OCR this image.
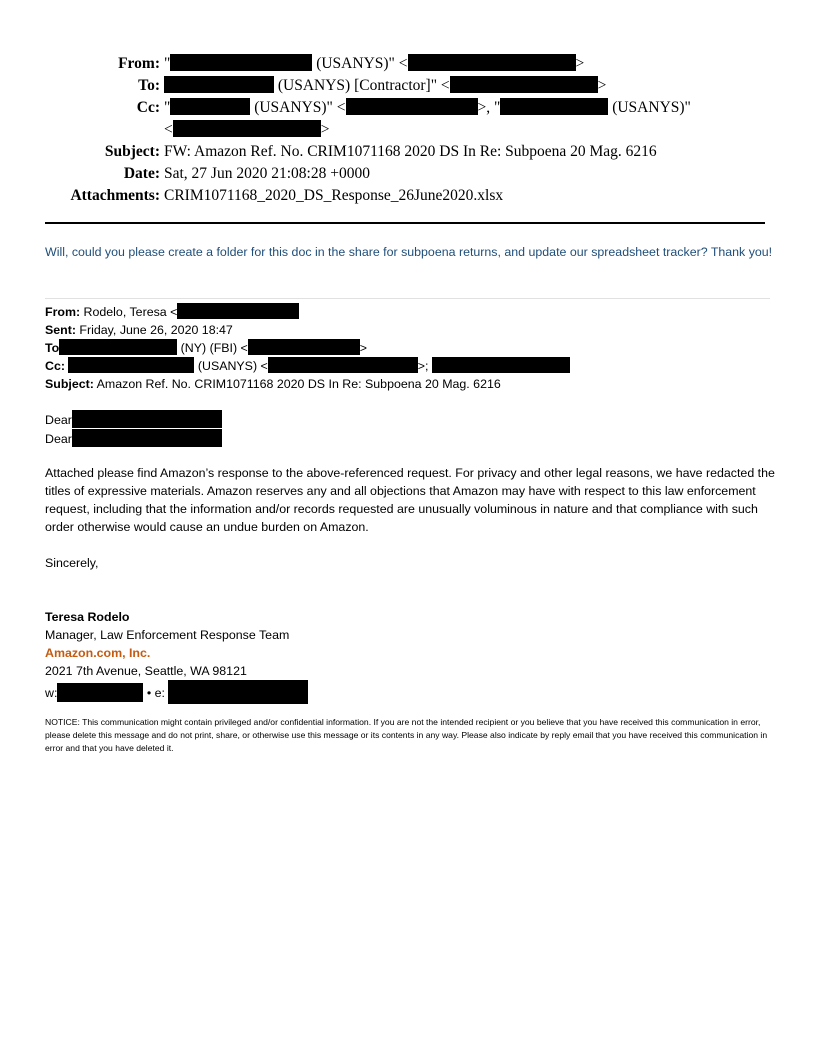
From: "	(USANYS)" <	>
To:	(USANYS) [Contractor]" <	>
Cc: "	(USANYS)" <	>, "	(USANYS)"
<	>
Subject: FW: Amazon Ref. No. CRIM1071168 2020 DS In Re: Subpoena 20 Mag. 6216
Date: Sat, 27 Jun 2020 21:08:28 +0000
Attachments: CRIM1071168_2020_DS_Response_26June2020.xlsx
Will, could you please create a folder for this doc in the share for subpoena returns, and update our spreadsheet tracker? Thank you!
From: Rodelo, Teresa <
Sent: Friday, June 26, 2020 18:47
To	(NY) (FBI) <	>
Cc:	(USANYS) <	>;
Subject: Amazon Ref. No. CRIM1071168 2020 DS In Re: Subpoena 20 Mag. 6216
Dear
Dear
Attached please find Amazon’s response to the above-referenced request. For privacy and other legal reasons, we have redacted the titles of expressive materials. Amazon reserves any and all objections that Amazon may have with respect to this law enforcement request, including that the information and/or records requested are unusually voluminous in nature and that compliance with such order otherwise would cause an undue burden on Amazon.
Sincerely,
Teresa Rodelo
Manager, Law Enforcement Response Team
Amazon.com, Inc.
2021 7th Avenue, Seattle, WA 98121
w:	• e:
NOTICE: This communication might contain privileged and/or confidential information. If you are not the intended recipient or you believe that you have received this communication in error, please delete this message and do not print, share, or otherwise use this message or its contents in any way. Please also indicate by reply email that you have received this communication in error and that you have deleted it.
